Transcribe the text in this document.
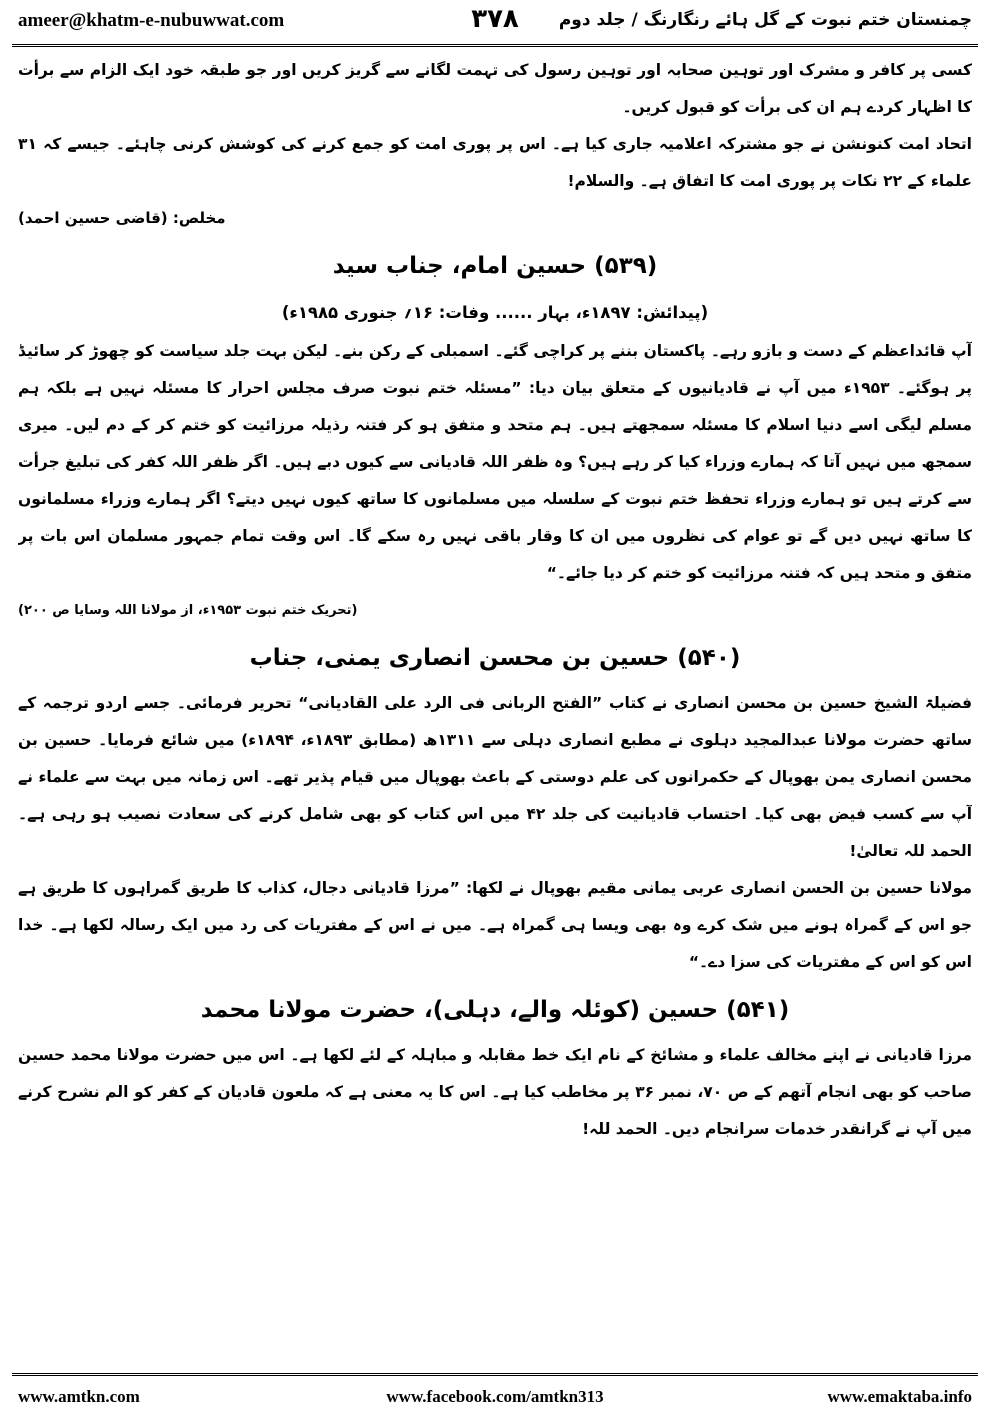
ameer@khatm-e-nubuwwat.com	۳۷۸ چمنستان ختم نبوت کے گل ہائے رنگارنگ / جلد دوم

کسی پر کافر و مشرک اور توہین صحابہ اور توہین رسول کی تہمت لگانے سے گریز کریں اور جو طبقہ خود ایک الزام سے برأت کا اظہار کردے ہم ان کی برأت کو قبول کریں۔

اتحاد امت کنونشن نے جو مشترکہ اعلامیہ جاری کیا ہے۔ اس پر پوری امت کو جمع کرنے کی کوشش کرنی چاہئے۔ جیسے کہ ۳۱ علماء کے ۲۲ نکات پر پوری امت کا اتفاق ہے۔ والسلام!

مخلص: (قاضی حسین احمد)
(۵۳۹) حسین امام، جناب سید
(پیدائش: ۱۸۹۷ء، بہار ...... وفات: ۱۶؍ جنوری ۱۹۸۵ء)

آپ قائداعظم کے دست و بازو رہے۔ پاکستان بننے پر کراچی گئے۔ اسمبلی کے رکن بنے۔ لیکن بہت جلد سیاست کو چھوڑ کر سائیڈ پر ہوگئے۔ ۱۹۵۳ء میں آپ نے قادیانیوں کے متعلق بیان دیا: ”مسئلہ ختم نبوت صرف مجلس احرار کا مسئلہ نہیں ہے بلکہ ہم مسلم لیگی اسے دنیا اسلام کا مسئلہ سمجھتے ہیں۔ ہم متحد و متفق ہو کر فتنہ رذیلہ مرزائیت کو ختم کر کے دم لیں۔ میری سمجھ میں نہیں آتا کہ ہمارے وزراء کیا کر رہے ہیں؟ وہ ظفر اللہ قادیانی سے کیوں دبے ہیں۔ اگر ظفر اللہ کفر کی تبلیغ جرأت سے کرتے ہیں تو ہمارے وزراء تحفظ ختم نبوت کے سلسلہ میں مسلمانوں کا ساتھ کیوں نہیں دیتے؟ اگر ہمارے وزراء مسلمانوں کا ساتھ نہیں دیں گے تو عوام کی نظروں میں ان کا وقار باقی نہیں رہ سکے گا۔ اس وقت تمام جمہور مسلمان اس بات پر متفق و متحد ہیں کہ فتنہ مرزائیت کو ختم کر دیا جائے۔“

(تحریک ختم نبوت ۱۹۵۳ء، از مولانا اللہ وسایا ص ۲۰۰)
(۵۴۰) حسین بن محسن انصاری یمنی، جناب

فضیلۃ الشیخ حسین بن محسن انصاری نے کتاب ”الفتح الربانی فی الرد علی القادیانی“ تحریر فرمائی۔ جسے اردو ترجمہ کے ساتھ حضرت مولانا عبدالمجید دہلوی نے مطبع انصاری دہلی سے ۱۳۱۱ھ (مطابق ۱۸۹۳ء، ۱۸۹۴ء) میں شائع فرمایا۔ حسین بن محسن انصاری یمن بھوپال کے حکمرانوں کی علم دوستی کے باعث بھوپال میں قیام پذیر تھے۔ اس زمانہ میں بہت سے علماء نے آپ سے کسب فیض بھی کیا۔ احتساب قادیانیت کی جلد ۴۲ میں اس کتاب کو بھی شامل کرنے کی سعادت نصیب ہو رہی ہے۔ الحمد للہ تعالیٰ!

مولانا حسین بن الحسن انصاری عربی یمانی مقیم بھوپال نے لکھا: ”مرزا قادیانی دجال، کذاب کا طریق گمراہوں کا طریق ہے جو اس کے گمراہ ہونے میں شک کرے وہ بھی ویسا ہی گمراہ ہے۔ میں نے اس کے مفتریات کی رد میں ایک رسالہ لکھا ہے۔ خدا اس کو اس کے مفتریات کی سزا دے۔“

(۵۴۱) حسین (کوئلہ والے، دہلی)، حضرت مولانا محمد

مرزا قادیانی نے اپنے مخالف علماء و مشائخ کے نام ایک خط مقابلہ و مباہلہ کے لئے لکھا ہے۔ اس میں حضرت مولانا محمد حسین صاحب کو بھی انجام آتھم کے ص ۷۰، نمبر ۳۶ پر مخاطب کیا ہے۔ اس کا یہ معنی ہے کہ ملعون قادیان کے کفر کو الم نشرح کرنے میں آپ نے گرانقدر خدمات سرانجام دیں۔ الحمد للہ!

www.amtkn.com	www.facebook.com/amtkn313	www.emaktaba.info
